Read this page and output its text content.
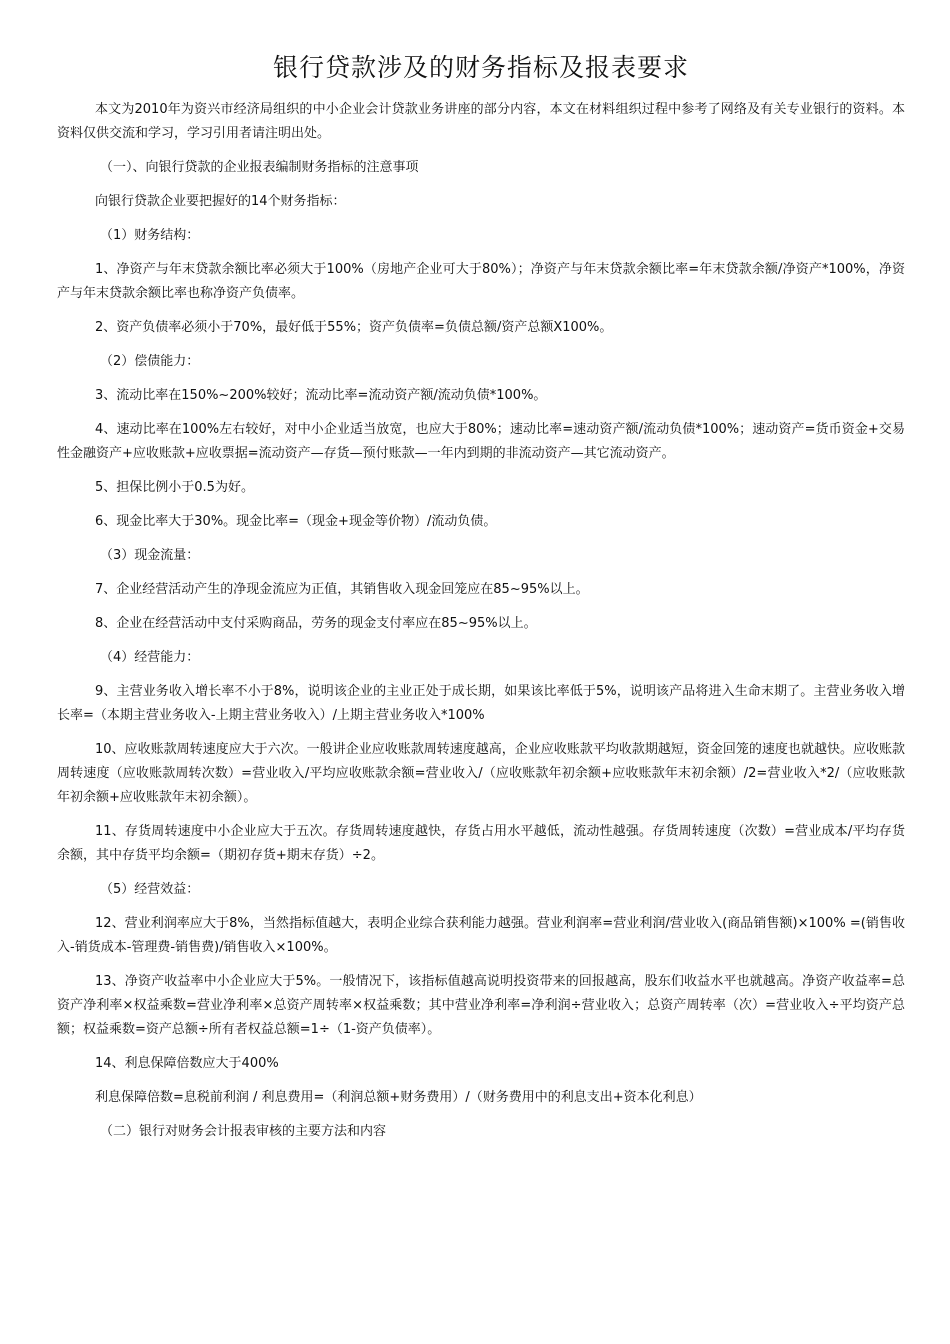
银行贷款涉及的财务指标及报表要求

本文为2010年为资兴市经济局组织的中小企业会计贷款业务讲座的部分内容，本文在材料组织过程中参考了网络及有关专业银行的资料。本资料仅供交流和学习，学习引用者请注明出处。

（一）、向银行贷款的企业报表编制财务指标的注意事项

向银行贷款企业要把握好的14个财务指标：

（1）财务结构：

1、净资产与年末贷款余额比率必须大于100%（房地产企业可大于80%）；净资产与年末贷款余额比率=年末贷款余额/净资产*100%，净资产与年末贷款余额比率也称净资产负债率。

2、资产负债率必须小于70%，最好低于55%；资产负债率=负债总额/资产总额X100%。

（2）偿债能力：

3、流动比率在150%~200%较好；流动比率=流动资产额/流动负债*100%。

4、速动比率在100%左右较好，对中小企业适当放宽，也应大于80%；速动比率=速动资产额/流动负债*100%；速动资产=货币资金+交易性金融资产+应收账款+应收票据=流动资产—存货—预付账款—一年内到期的非流动资产—其它流动资产。

5、担保比例小于0.5为好。

6、现金比率大于30%。现金比率=（现金+现金等价物）/流动负债。

（3）现金流量：

7、企业经营活动产生的净现金流应为正值，其销售收入现金回笼应在85~95%以上。

8、企业在经营活动中支付采购商品，劳务的现金支付率应在85~95%以上。

（4）经营能力：

9、主营业务收入增长率不小于8%，说明该企业的主业正处于成长期，如果该比率低于5%，说明该产品将进入生命末期了。主营业务收入增长率=（本期主营业务收入-上期主营业务收入）/上期主营业务收入*100%

10、应收账款周转速度应大于六次。一般讲企业应收账款周转速度越高，企业应收账款平均收款期越短，资金回笼的速度也就越快。应收账款周转速度（应收账款周转次数）=营业收入/平均应收账款余额=营业收入/（应收账款年初余额+应收账款年末初余额）/2=营业收入*2/（应收账款年初余额+应收账款年末初余额）。

11、存货周转速度中小企业应大于五次。存货周转速度越快，存货占用水平越低，流动性越强。存货周转速度（次数）=营业成本/平均存货余额，其中存货平均余额=（期初存货+期末存货）÷2。

（5）经营效益：

12、营业利润率应大于8%，当然指标值越大，表明企业综合获利能力越强。营业利润率=营业利润/营业收入(商品销售额)×100% =(销售收入-销货成本-管理费-销售费)/销售收入×100%。

13、净资产收益率中小企业应大于5%。一般情况下，该指标值越高说明投资带来的回报越高，股东们收益水平也就越高。净资产收益率=总资产净利率×权益乘数=营业净利率×总资产周转率×权益乘数；其中营业净利率=净利润÷营业收入；总资产周转率（次）=营业收入÷平均资产总额；权益乘数=资产总额÷所有者权益总额=1÷（1-资产负债率）。

14、利息保障倍数应大于400%

利息保障倍数=息税前利润 / 利息费用=（利润总额+财务费用）/（财务费用中的利息支出+资本化利息）

（二）银行对财务会计报表审核的主要方法和内容
